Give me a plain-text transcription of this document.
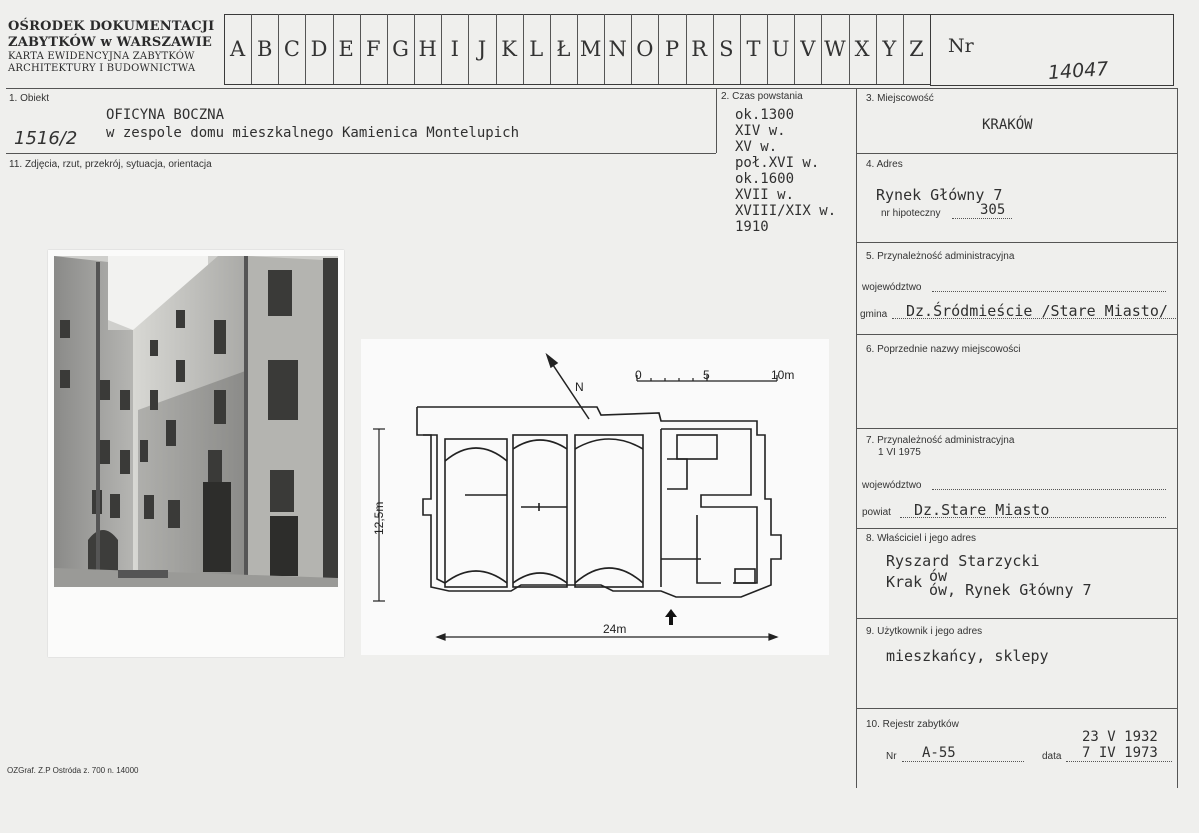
OŚRODEK DOKUMENTACJI
ZABYTKÓW w WARSZAWIE
KARTA EWIDENCYJNA ZABYTKÓW
ARCHITEKTURY I BUDOWNICTWA
A B C D E F G H I J K L Ł M N O P R S T U V W X Y Z	Nr
14047
1. Obiekt
OFICYNA BOCZNA
w zespole domu mieszkalnego Kamienica Montelupich
1516/2
2. Czas powstania
ok.1300
XIV w.
XV w.
poł.XVI w.
ok.1600
XVII w.
XVIII/XIX w.
1910
3. Miejscowość
KRAKÓW
11. Zdjęcia, rzut, przekrój, sytuacja, orientacja	4. Adres
Rynek Główny 7
nr hipoteczny	305
5. Przynależność administracyjna
województwo
gmina Dz.Śródmieście /Stare Miasto/
6. Poprzednie nazwy miejscowości
7. Przynależność administracyjna
1 VI 1975
województwo
powiat Dz.Stare Miasto
8. Właściciel i jego adres
Ryszard Starzycki
Krak ów
ów, Rynek Główny 7
9. Użytkownik i jego adres
mieszkańcy, sklepy
10. Rejestr zabytków
Nr A-55	data
23 V 1932
7 IV 1973
OZGraf. Z.P Ostróda z. 700 n. 14000
N
0	5	10m
12,5m
24m
